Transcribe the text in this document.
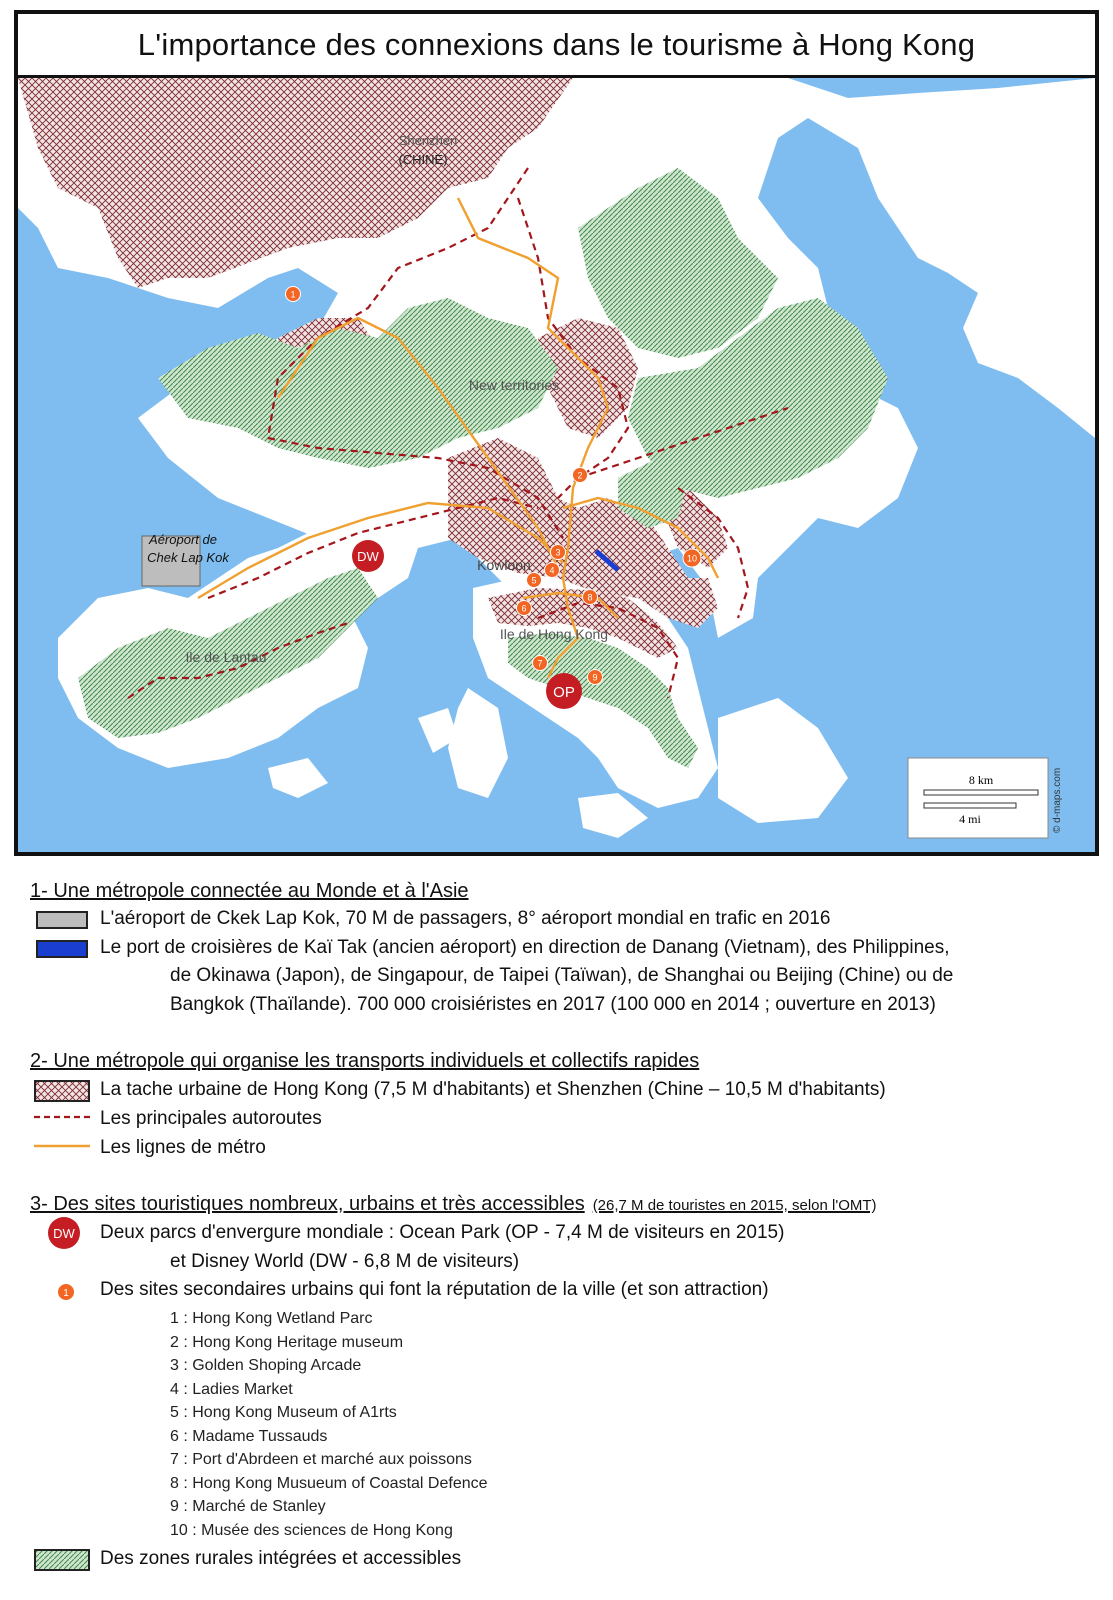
L'importance des connexions dans le tourisme à Hong Kong
Shenzhen
(CHINE)
New territories
Kowloon
Ile de Lantau
Ile de Hong Kong
Aéroport de
Chek Lap Kok	DW
OP
1
2
3
4
5
6
7
8
9
10
8 km
4 mi	© d-maps.com
1- Une métropole connectée au Monde et à l'Asie
L'aéroport de Ckek Lap Kok, 70 M de passagers, 8° aéroport mondial en trafic en 2016
Le port de croisières de Kaï Tak (ancien aéroport) en direction de Danang (Vietnam), des Philippines,
de Okinawa (Japon), de Singapour, de Taipei (Taïwan), de Shanghai ou Beijing (Chine) ou de
Bangkok (Thaïlande). 700 000 croisiéristes en 2017 (100 000 en 2014 ; ouverture en 2013)
2- Une métropole qui organise les transports individuels et collectifs rapides
La tache urbaine de Hong Kong (7,5 M d'habitants) et Shenzhen (Chine – 10,5 M d'habitants)
Les principales autoroutes
Les lignes de métro
3- Des sites touristiques nombreux, urbains et très accessibles (26,7 M de touristes en 2015, selon l'OMT)
DW Deux parcs d'envergure mondiale : Ocean Park (OP - 7,4 M de visiteurs en 2015)
et Disney World (DW - 6,8 M de visiteurs)
1 Des sites secondaires urbains qui font la réputation de la ville (et son attraction)
1 : Hong Kong Wetland Parc
2 : Hong Kong Heritage museum
3 : Golden Shoping Arcade
4 : Ladies Market
5 : Hong Kong Museum of A1rts
6 : Madame Tussauds
7 : Port d'Abrdeen et marché aux poissons
8 : Hong Kong Musueum of Coastal Defence
9 : Marché de Stanley
10 : Musée des sciences de Hong Kong
Des zones rurales intégrées et accessibles
